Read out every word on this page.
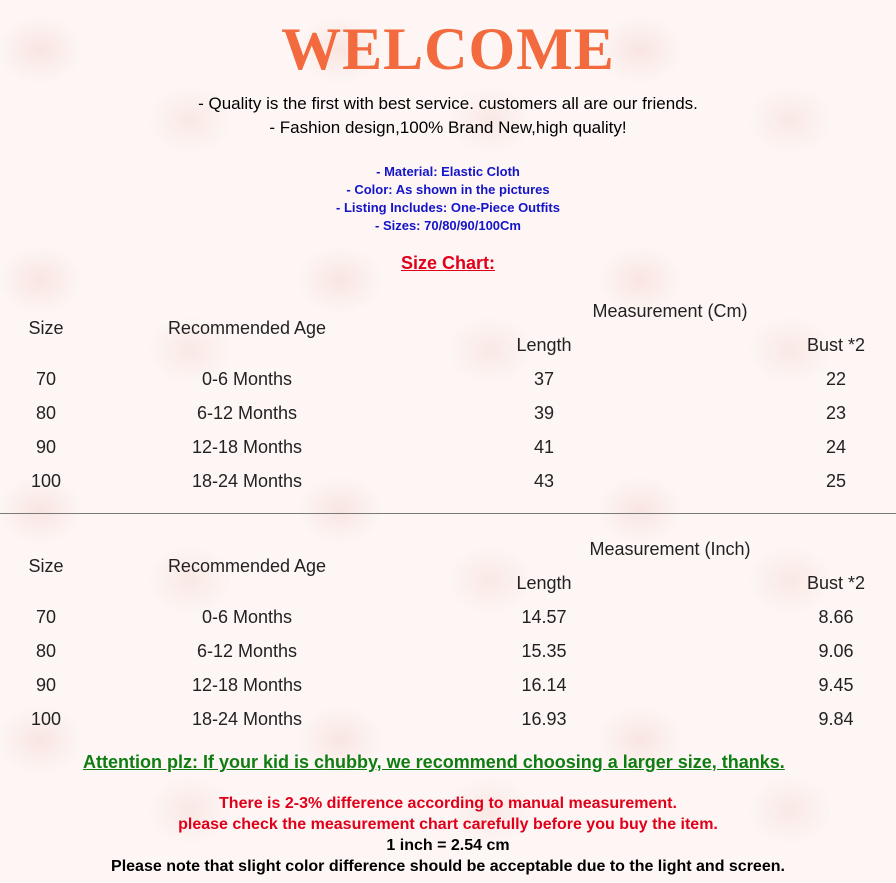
WELCOME
- Quality is the first with best service. customers all are our friends.
- Fashion design,100% Brand New,high quality!
- Material: Elastic Cloth
- Color: As shown in the pictures
- Listing Includes: One-Piece Outfits
- Sizes: 70/80/90/100Cm
Size Chart:
Measurement (Cm)
Size	Recommended Age
Length	Bust *2
70	0-6 Months	37	22
80	6-12 Months	39	23
90	12-18 Months	41	24
100	18-24 Months	43	25
Measurement (Inch)
Size	Recommended Age
Length	Bust *2
70	0-6 Months	14.57	8.66
80	6-12 Months	15.35	9.06
90	12-18 Months	16.14	9.45
100	18-24 Months	16.93	9.84
Attention plz: If your kid is chubby, we recommend choosing a larger size, thanks.
There is 2-3% difference according to manual measurement.
please check the measurement chart carefully before you buy the item.
1 inch = 2.54 cm
Please note that slight color difference should be acceptable due to the light and screen.
